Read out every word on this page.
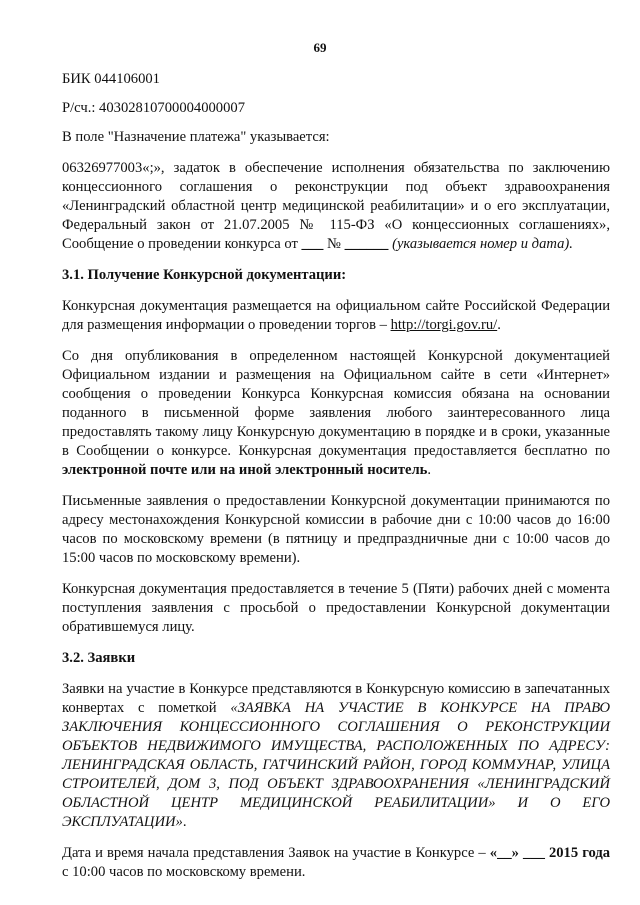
69

БИК 044106001

Р/сч.: 40302810700004000007

В поле "Назначение платежа" указывается:

06326977003«;», задаток в обеспечение исполнения обязательства по заключению концессионного соглашения о реконструкции под объект здравоохранения «Ленинградский областной центр медицинской реабилитации» и о его эксплуатации, Федеральный закон от 21.07.2005 № 115-ФЗ «О концессионных соглашениях», Сообщение о проведении конкурса от ___ № ______ (указывается номер и дата).

3.1. Получение Конкурсной документации:

Конкурсная документация размещается на официальном сайте Российской Федерации для размещения информации о проведении торгов – http://torgi.gov.ru/.

Со дня опубликования в определенном настоящей Конкурсной документацией Официальном издании и размещения на Официальном сайте в сети «Интернет» сообщения о проведении Конкурса Конкурсная комиссия обязана на основании поданного в письменной форме заявления любого заинтересованного лица предоставлять такому лицу Конкурсную документацию в порядке и в сроки, указанные в Сообщении о конкурсе. Конкурсная документация предоставляется бесплатно по электронной почте или на иной электронный носитель.

Письменные заявления о предоставлении Конкурсной документации принимаются по адресу местонахождения Конкурсной комиссии в рабочие дни с 10:00 часов до 16:00 часов по московскому времени (в пятницу и предпраздничные дни с 10:00 часов до 15:00 часов по московскому времени).

Конкурсная документация предоставляется в течение 5 (Пяти) рабочих дней с момента поступления заявления с просьбой о предоставлении Конкурсной документации обратившемуся лицу.

3.2. Заявки

Заявки на участие в Конкурсе представляются в Конкурсную комиссию в запечатанных конвертах с пометкой «ЗАЯВКА НА УЧАСТИЕ В КОНКУРСЕ НА ПРАВО ЗАКЛЮЧЕНИЯ КОНЦЕССИОННОГО СОГЛАШЕНИЯ О РЕКОНСТРУКЦИИ ОБЪЕКТОВ НЕДВИЖИМОГО ИМУЩЕСТВА, РАСПОЛОЖЕННЫХ ПО АДРЕСУ: ЛЕНИНГРАДСКАЯ ОБЛАСТЬ, ГАТЧИНСКИЙ РАЙОН, ГОРОД КОММУНАР, УЛИЦА СТРОИТЕЛЕЙ, ДОМ 3, ПОД ОБЪЕКТ ЗДРАВООХРАНЕНИЯ «ЛЕНИНГРАДСКИЙ ОБЛАСТНОЙ ЦЕНТР МЕДИЦИНСКОЙ РЕАБИЛИТАЦИИ» И О ЕГО ЭКСПЛУАТАЦИИ».

Дата и время начала представления Заявок на участие в Конкурсе – «__» ___ 2015 года с 10:00 часов по московскому времени.
